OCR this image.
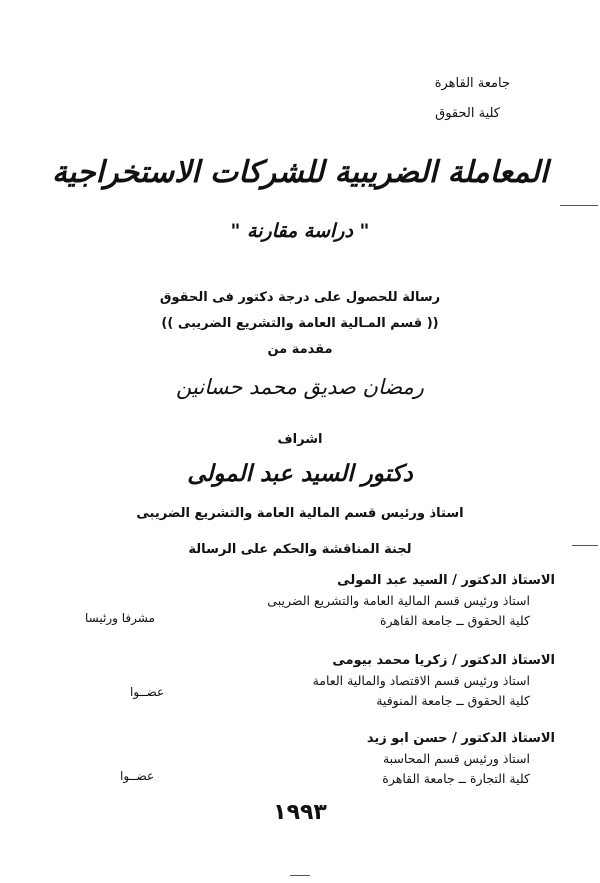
جامعة القاهرة
كلية الحقوق
المعاملة الضريبية للشركات الاستخراجية
" دراسة مقارنة "
رسالة للحصول على درجة دكتور فى الحقوق
(( قسم المـالية العامة والتشريع الضريبى ))
مقدمة من
رمضان صديق محمد حسانين
اشراف
دكتور السيد عبد المولى
استاذ ورئيس قسم المالية العامة والتشريع الضريبى
لجنة المناقشة والحكم على الرسالة
الاستاذ الدكتور / السيد عبد المولى
استاذ ورئيس قسم المالية العامة والتشريع الضريبى
كلية الحقوق ــ جامعة القاهرة
مشرفا ورئيسا
الاستاذ الدكتور / زكريا محمد بيومى
استاذ ورئيس قسم الاقتصاد والمالية العامة
كلية الحقوق ــ جامعة المنوفية
عضــوا
الاستاذ الدكتور / حسن ابو زيد
استاذ ورئيس قسم المحاسبة
كلية التجارة ــ جامعة القاهرة
عضــوا
١٩٩٣
